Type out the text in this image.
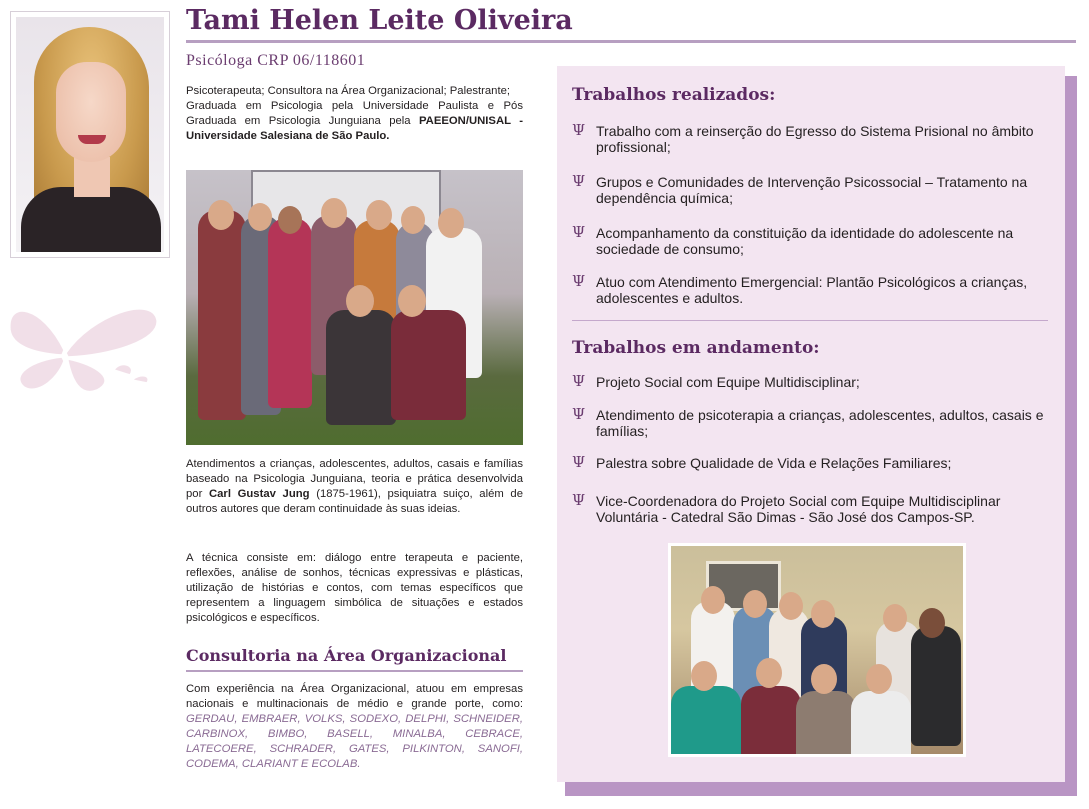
Tami Helen Leite Oliveira
Psicóloga CRP 06/118601
Psicoterapeuta; Consultora na Área Organizacional; Palestrante;
Graduada em Psicologia pela Universidade Paulista e Pós Graduada em Psicologia Junguiana pela PAEEON/UNISAL - Universidade Salesiana de São Paulo.
Atendimentos a crianças, adolescentes, adultos, casais e famílias baseado na Psicologia Junguiana, teoria e prática desenvolvida por Carl Gustav Jung (1875-1961), psiquiatra suiço, além de outros autores que deram continuidade às suas ideias.
A técnica consiste em: diálogo entre terapeuta e paciente, reflexões, análise de sonhos, técnicas expressivas e plásticas, utilização de histórias e contos, com temas específicos que representem a linguagem simbólica de situações e estados psicológicos e específicos.
Consultoria na Área Organizacional
Com experiência na Área Organizacional, atuou em empresas nacionais e multinacionais de médio e grande porte, como: GERDAU, EMBRAER, VOLKS, SODEXO, DELPHI, SCHNEIDER, CARBINOX, BIMBO, BASELL, MINALBA, CEBRACE, LATECOERE, SCHRADER, GATES, PILKINTON, SANOFI, CODEMA, CLARIANT E ECOLAB.
Trabalhos realizados:
Ψ Trabalho com a reinserção do Egresso do Sistema Prisional no âmbito profissional;
Ψ Grupos e Comunidades de Intervenção Psicossocial – Tratamento na dependência química;
Ψ Acompanhamento da constituição da identidade do adolescente na sociedade de consumo;
Ψ Atuo com Atendimento Emergencial: Plantão Psicológicos a crianças, adolescentes e adultos.
Trabalhos em andamento:
Ψ Projeto Social com Equipe Multidisciplinar;
Ψ Atendimento de psicoterapia a crianças, adolescentes, adultos, casais e famílias;
Ψ Palestra sobre Qualidade de Vida e Relações Familiares;
Ψ Vice-Coordenadora do Projeto Social com Equipe Multidisciplinar Voluntária - Catedral São Dimas - São José dos Campos-SP.
